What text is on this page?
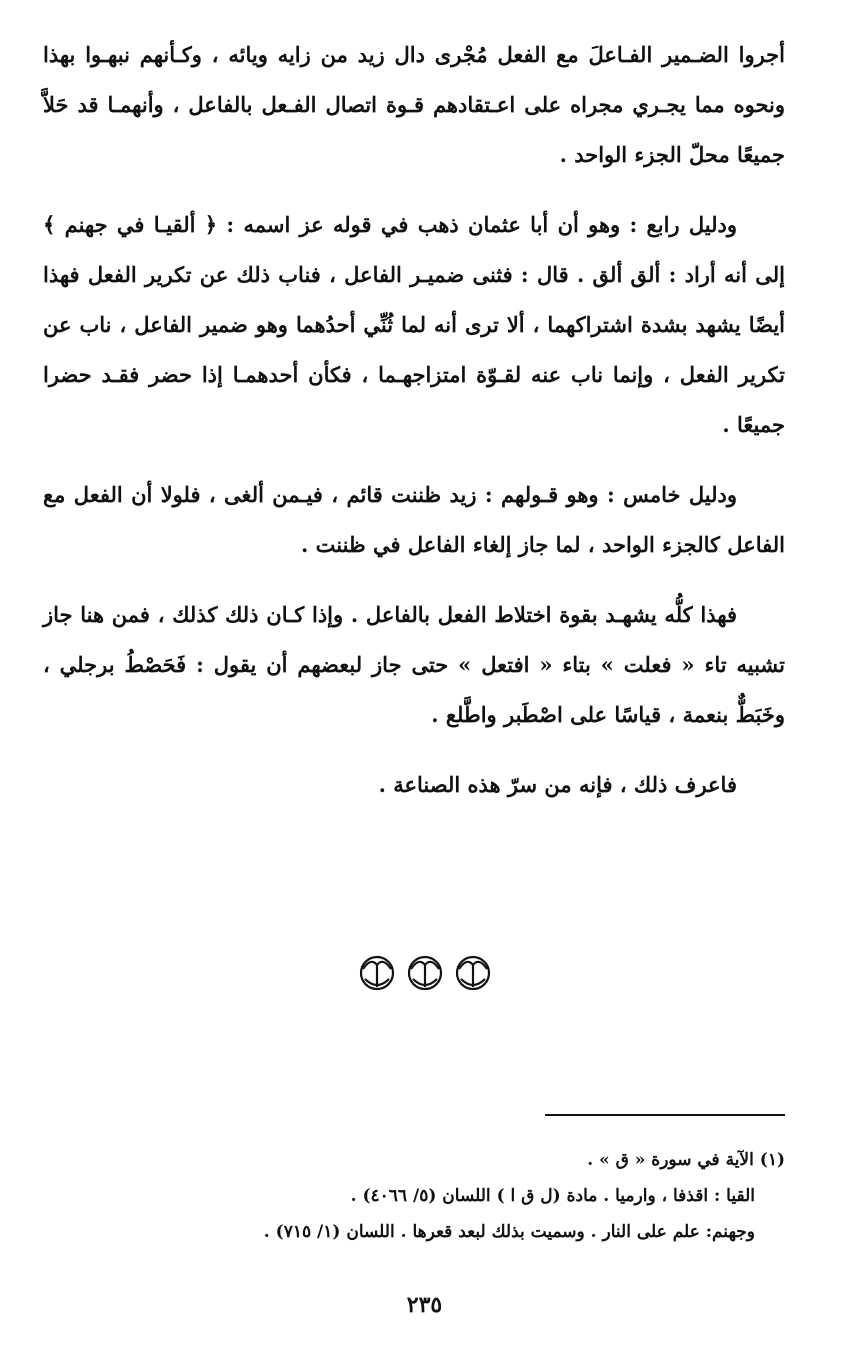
أجروا الضـمير الفـاعلَ مع الفعل مُجْرى دال زيد من زايه ويائه ، وكـأنهم نبهـوا بهذا ونحوه مما يجـري مجراه على اعـتقادهم قـوة اتصال الفـعل بالفاعل ، وأنهمـا قد حَلاَّ جميعًا محلّ الجزء الواحد .

ودليل رابع : وهو أن أبا عثمان ذهب في قوله عز اسمه : ﴿ ألقيـا في جهنم ﴾ إلى أنه أراد : ألق ألق . قال : فثنى ضميـر الفاعل ، فناب ذلك عن تكرير الفعل فهذا أيضًا يشهد بشدة اشتراكهما ، ألا ترى أنه لما ثُنِّي أحدُهما وهو ضمير الفاعل ، ناب عن تكرير الفعل ، وإنما ناب عنه لقـوّة امتزاجهـما ، فكأن أحدهمـا إذا حضر فقـد حضرا جميعًا .

ودليل خامس : وهو قـولهم : زيد ظننت قائم ، فيـمن ألغى ، فلولا أن الفعل مع الفاعل كالجزء الواحد ، لما جاز إلغاء الفاعل في ظننت .

فهذا كلُّه يشهـد بقوة اختلاط الفعل بالفاعل . وإذا كـان ذلك كذلك ، فمن هنا جاز تشبيه تاء « فعلت » بتاء « افتعل » حتى جاز لبعضهم أن يقول : فَحَصْطُ برجلي ، وخَبَطٌّ بنعمة ، قياسًا على اصْطَبر واطَّلع .

فاعرف ذلك ، فإنه من سرّ هذه الصناعة .

(١) الآية في سورة « ق » .

القيا : اقذفا ، وارميا . مادة (ل ق ا ) اللسان (٥/ ٤٠٦٦) .

وجهنم: علم على النار . وسميت بذلك لبعد قعرها . اللسان (١/ ٧١٥) .

٢٣٥
